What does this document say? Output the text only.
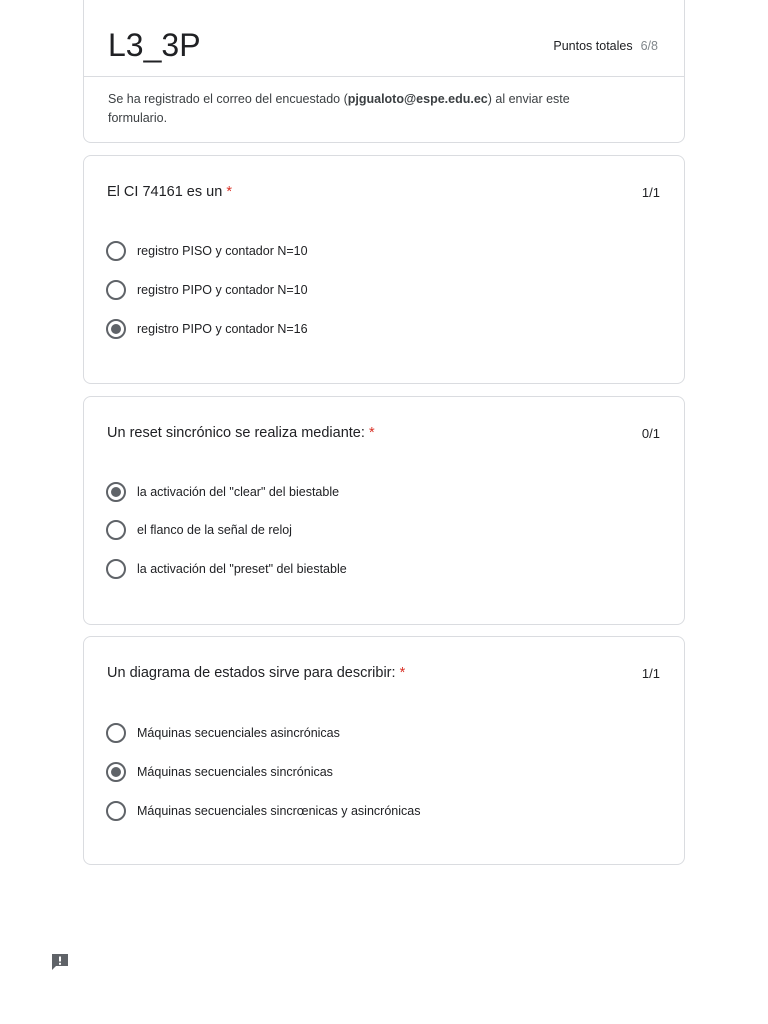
L3_3P	Puntos totales 6/8
Se ha registrado el correo del encuestado (pjgualoto@espe.edu.ec) al enviar este formulario.
El CI 74161 es un *	1/1
registro PISO y contador N=10
registro PIPO y contador N=10
registro PIPO y contador N=16
Un reset sincrónico se realiza mediante: *	0/1
la activación del "clear" del biestable
el flanco de la señal de reloj
la activación del "preset" del biestable
Un diagrama de estados sirve para describir: *	1/1
Máquinas secuenciales asincrónicas
Máquinas secuenciales sincrónicas
Máquinas secuenciales sincrœnicas y asincrónicas
